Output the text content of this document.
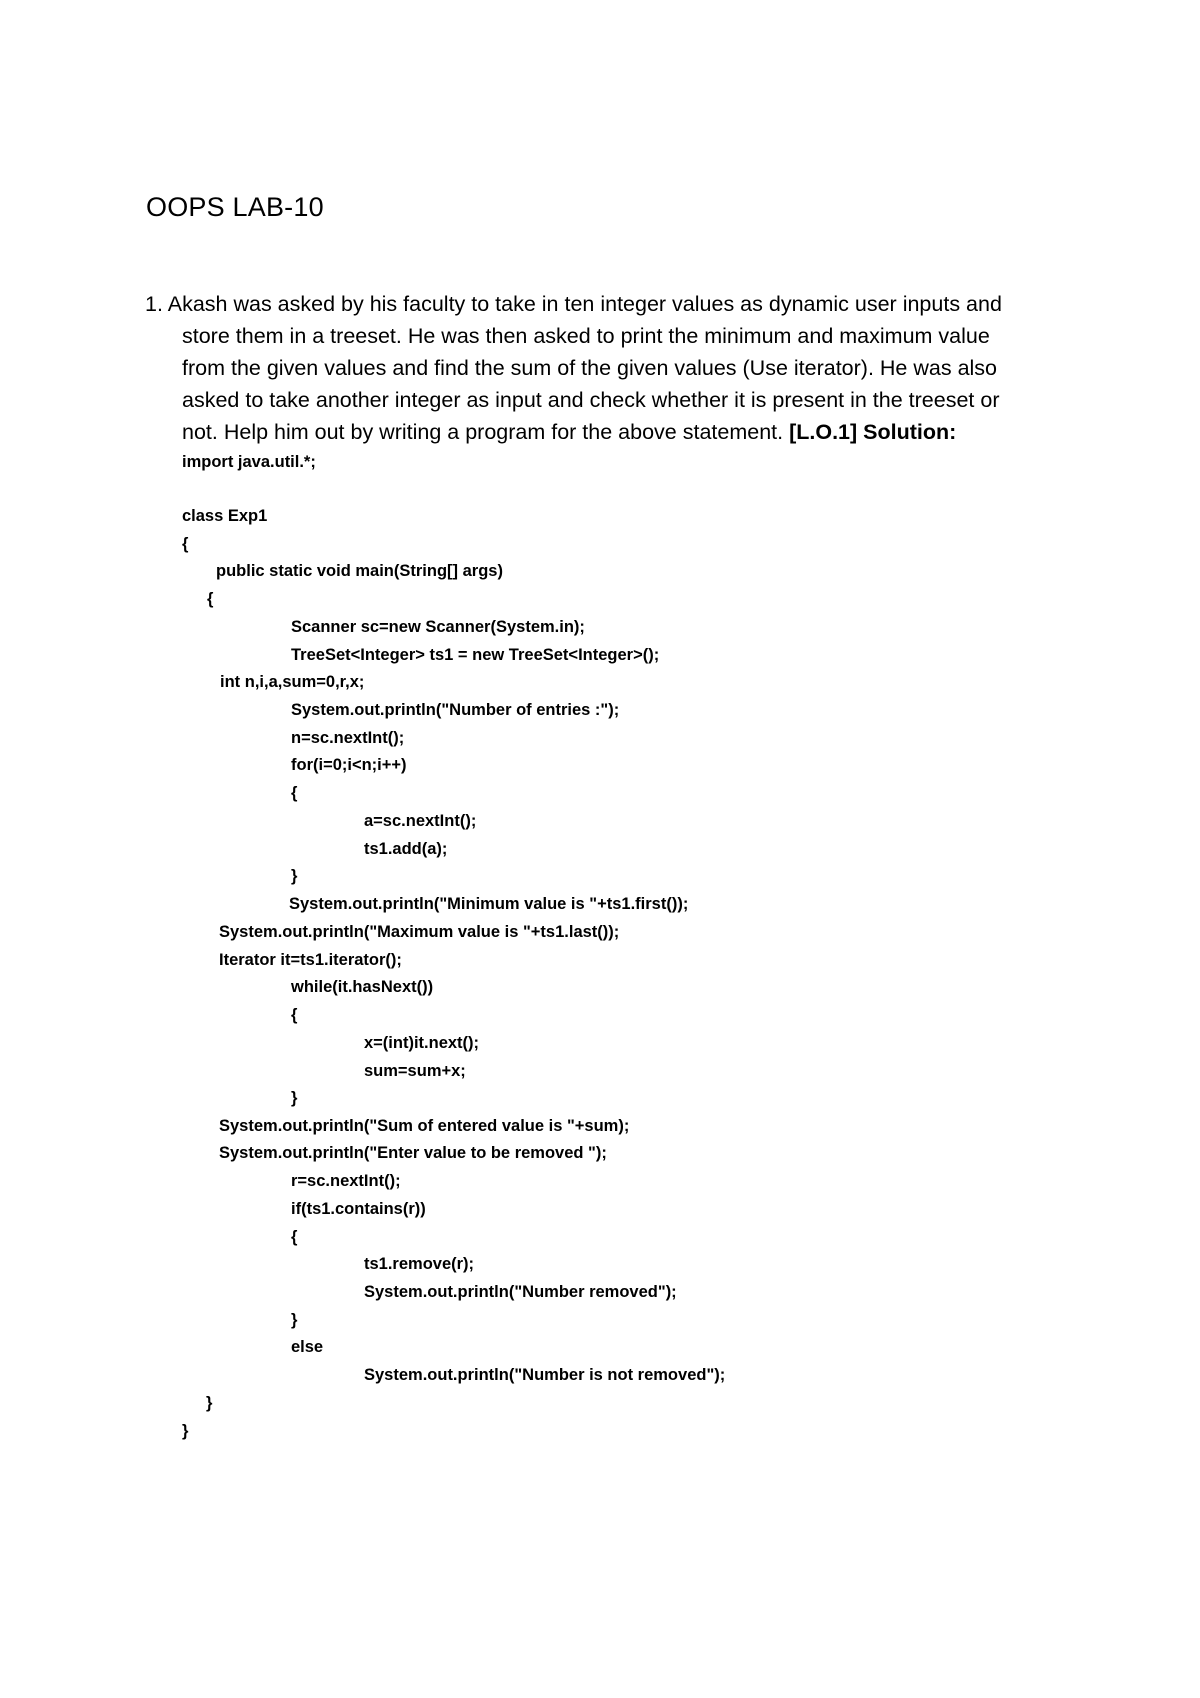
OOPS LAB-10
1. Akash was asked by his faculty to take in ten integer values as dynamic user inputs and
store them in a treeset. He was then asked to print the minimum and maximum value
from the given values and find the sum of the given values (Use iterator). He was also
asked to take another integer as input and check whether it is present in the treeset or
not. Help him out by writing a program for the above statement. [L.O.1] Solution:

import java.util.*;

class Exp1

{

public static void main(String[] args)

{

Scanner sc=new Scanner(System.in);

TreeSet<Integer> ts1 = new TreeSet<Integer>();

int n,i,a,sum=0,r,x;

System.out.println("Number of entries :");

n=sc.nextInt();

for(i=0;i<n;i++)

{

a=sc.nextInt();

ts1.add(a);

}

System.out.println("Minimum value is "+ts1.first());

System.out.println("Maximum value is "+ts1.last());

Iterator it=ts1.iterator();

while(it.hasNext())

{

x=(int)it.next();

sum=sum+x;

}

System.out.println("Sum of entered value is "+sum);

System.out.println("Enter value to be removed ");

r=sc.nextInt();

if(ts1.contains(r))

{

ts1.remove(r);

System.out.println("Number removed");

}

else

System.out.println("Number is not removed");

}

}
